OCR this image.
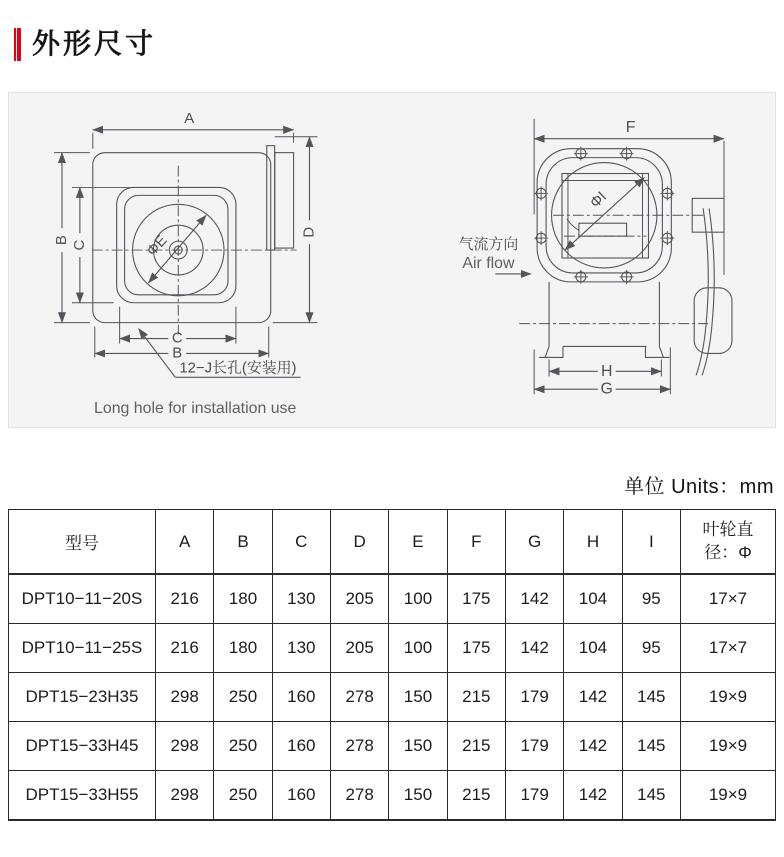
外形尺寸
A
B C
D
ΦE
C
B
12−J长孔(安装用)
Long hole for installation use
F
ΦI
气流方向
Air flow
H
G
单位 Units：mm
型号	A	B	C	D	E	F	G	H	I	叶轮直径：Φ
DPT10−11−20S	216	180	130	205	100	175	142	104	95	17×7
DPT10−11−25S	216	180	130	205	100	175	142	104	95	17×7
DPT15−23H35	298	250	160	278	150	215	179	142	145	19×9
DPT15−33H45	298	250	160	278	150	215	179	142	145	19×9
DPT15−33H55	298	250	160	278	150	215	179	142	145	19×9
